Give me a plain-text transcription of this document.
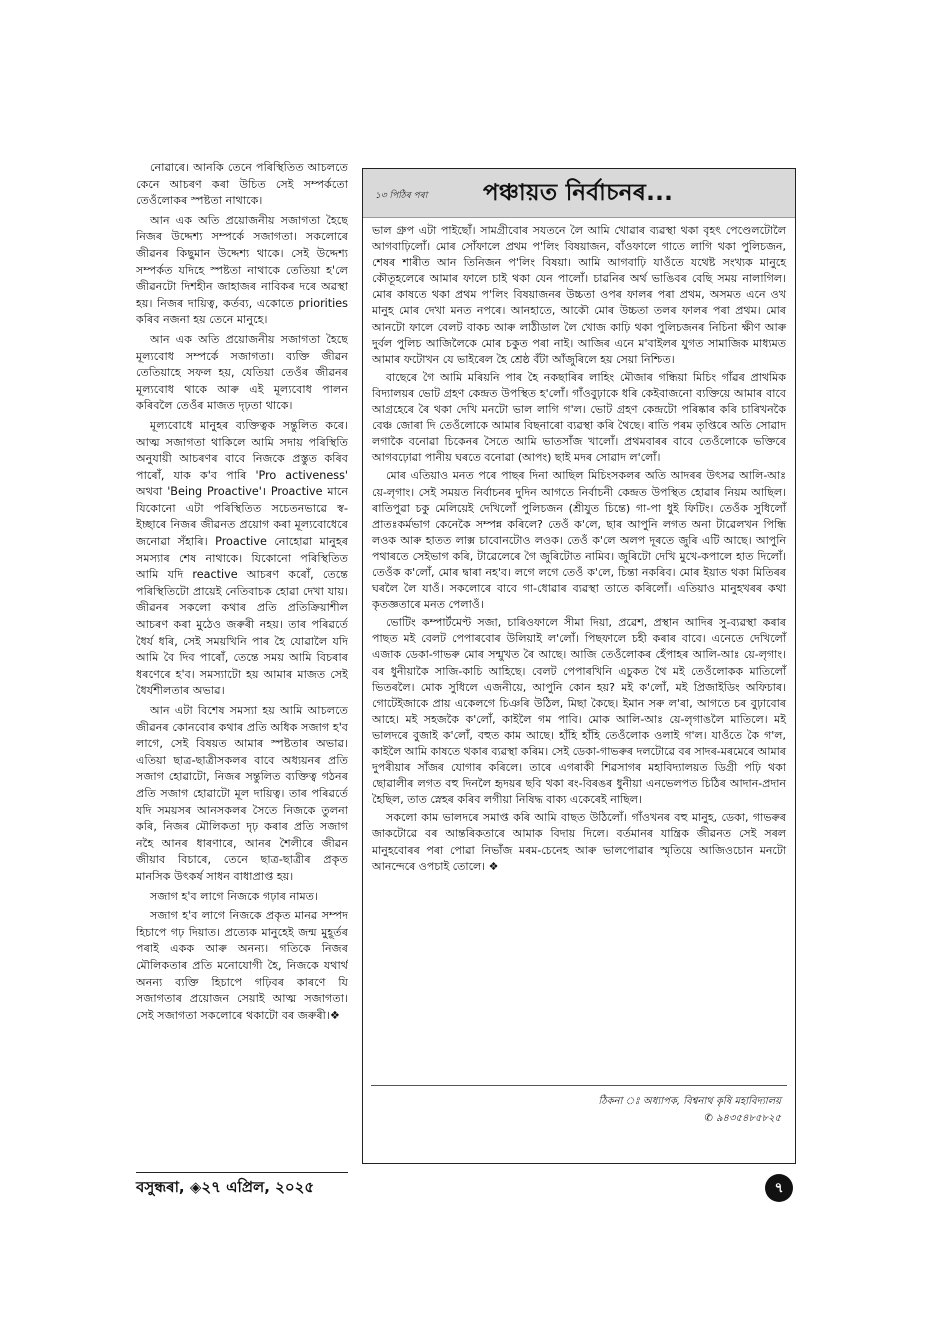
নোৱাৰে। আনকি তেনে পৰিস্থিতিত আচলতে কেনে আচৰণ কৰা উচিত সেই সম্পৰ্কতো তেওঁলোকৰ স্পষ্টতা নাথাকে।

আন এক অতি প্ৰয়োজনীয় সজাগতা হৈছে নিজৰ উদ্দেশ্য সম্পৰ্কে সজাগতা। সকলোৰে জীৱনৰ কিছুমান উদ্দেশ্য থাকে। সেই উদ্দেশ্য সম্পৰ্কত যদিহে স্পষ্টতা নাথাকে তেতিয়া হ'লে জীৱনটো দিশহীন জাহাজৰ নাবিকৰ দৰে অৱস্থা হয়। নিজৰ দায়িত্ব, কৰ্তব্য, একোতে priorities কৰিব নজনা হয় তেনে মানুহে।

আন এক অতি প্ৰয়োজনীয় সজাগতা হৈছে মূল্যবোধ সম্পৰ্কে সজাগতা। ব্যক্তি জীৱন তেতিয়াহে সফল হয়, যেতিয়া তেওঁৰ জীৱনৰ মূল্যবোধ থাকে আৰু এই মূল্যবোধ পালন কৰিবলৈ তেওঁৰ মাজত দৃঢ়তা থাকে।

মূল্যবোধে মানুহৰ ব্যক্তিত্বক সন্তুলিত কৰে। আত্ম সজাগতা থাকিলে আমি সদায় পৰিস্থিতি অনুযায়ী আচৰণৰ বাবে নিজকে প্ৰস্তুত কৰিব পাৰোঁ, যাক ক'ব পাৰি 'Pro activeness' অথবা 'Being Proactive'। Proactive মানে যিকোনো এটা পৰিস্থিতিত সচেতনভাৱে স্ব-ইচ্ছাৰে নিজৰ জীৱনত প্ৰয়োগ কৰা মূল্যবোধেৰে জনোৱা সঁহাৰি। Proactive নোহোৱা মানুহৰ সমস্যাৰ শেষ নাথাকে। যিকোনো পৰিস্থিতিত আমি যদি reactive আচৰণ কৰোঁ, তেন্তে পৰিস্থিতিটো প্ৰায়েই নেতিবাচক হোৱা দেখা যায়। জীৱনৰ সকলো কথাৰ প্ৰতি প্ৰতিক্ৰিয়াশীল আচৰণ কৰা মুঠেও জৰুৰী নহয়। তাৰ পৰিৱৰ্তে ধৈৰ্য ধৰি, সেই সময়খিনি পাৰ হৈ যোৱালৈ যদি আমি বৈ দিব পাৰোঁ, তেন্তে সময় আমি বিচৰাৰ ধৰণেৰে হ'ব। সমস্যাটো হয় আমাৰ মাজত সেই ধৈৰ্যশীলতাৰ অভাৱ।

আন এটা বিশেষ সমস্যা হয় আমি আচলতে জীৱনৰ কোনবোৰ কথাৰ প্ৰতি অধিক সজাগ হ'ব লাগে, সেই বিষয়ত আমাৰ স্পষ্টতাৰ অভাৱ। এতিয়া ছাত্ৰ-ছাত্ৰীসকলৰ বাবে অধ্যয়নৰ প্ৰতি সজাগ হোৱাটো, নিজৰ সন্তুলিত ব্যক্তিত্ব গঠনৰ প্ৰতি সজাগ হোৱাটো মূল দায়িত্ব। তাৰ পৰিৱৰ্তে যদি সময়সৰ আনসকলৰ সৈতে নিজকে তুলনা কৰি, নিজৰ মৌলিকতা দৃঢ় কৰাৰ প্ৰতি সজাগ নহৈ আনৰ ধাৰণাৰে, আনৰ শৈলীৰে জীৱন জীয়াব বিচাৰে, তেনে ছাত্ৰ-ছাত্ৰীৰ প্ৰকৃত মানসিক উৎকৰ্ষ সাধন বাধাপ্ৰাপ্ত হয়।

সজাগ হ'ব লাগে নিজকে গঢ়াৰ নামত।

সজাগ হ'ব লাগে নিজকে প্ৰকৃত মানৱ সম্পদ হিচাপে গঢ় দিয়াত। প্ৰত্যেক মানুহেই জন্ম মুহূৰ্তৰ পৰাই একক আৰু অনন্য। গতিকে নিজৰ মৌলিকতাৰ প্ৰতি মনোযোগী হৈ, নিজকে যথাৰ্থ অনন্য ব্যক্তি হিচাপে গঢ়িবৰ কাৰণে যি সজাগতাৰ প্ৰয়োজন সেয়াই আত্ম সজাগতা। সেই সজাগতা সকলোৰে থকাটো বৰ জৰুৰী।❖

১৩ পিঠিৰ পৰা পঞ্চায়ত নিৰ্বাচনৰ...

ভাল গ্ৰুপ এটা পাইছোঁ। সামগ্ৰীবোৰ সযতনে লৈ আমি খোৱাৰ ব্যৱস্থা থকা বৃহৎ পেণ্ডেলটোলৈ আগবাঢ়িলোঁ। মোৰ সোঁফালে প্ৰথম প'লিং বিষয়াজন, বাঁওফালে গাতে লাগি থকা পুলিচজন, শেষৰ শাৰীত আন তিনিজন প'লিং বিষয়া। আমি আগবাঢ়ি যাওঁতে যথেষ্ট সংখ্যক মানুহে কৌতূহলেৰে আমাৰ ফালে চাই থকা যেন পালোঁ। চাৱনিৰ অৰ্থ ভাঙিবৰ বেছি সময় নালাগিল। মোৰ কাষতে থকা প্ৰথম প'লিং বিষয়াজনৰ উচ্চতা ওপৰ ফালৰ পৰা প্ৰথম, অসমত এনে ওখ মানুহ মোৰ দেখা মনত নপৰে। আনহাতে, আকৌ মোৰ উচ্চতা তলৰ ফালৰ পৰা প্ৰথম। মোৰ আনটো ফালে বেলট বাকচ আৰু লাঠীডাল লৈ খোজ কাঢ়ি থকা পুলিচজনৰ নিচিনা ক্ষীণ আৰু দুৰ্বল পুলিচ আজিলৈকে মোৰ চকুত পৰা নাই। আজিৰ এনে ম'বাইলৰ যুগত সামাজিক মাধ্যমত আমাৰ ফটোখন যে ভাইৰেল হৈ শ্ৰেষ্ঠ বঁটা আঁজুৰিলে হয় সেয়া নিশ্চিত।

বাছেৰে গৈ আমি মৰিয়নি পাৰ হৈ নকছাৰিৰ লাহিং মৌজাৰ গন্ধিয়া মিচিং গাঁৱৰ প্ৰাথমিক বিদ্যালয়ৰ ভোট গ্ৰহণ কেন্দ্ৰত উপস্থিত হ'লোঁ। গাঁওবুঢ়াকে ধৰি কেইবাজনো ব্যক্তিয়ে আমাৰ বাবে আগ্ৰহেৰে ৰৈ থকা দেখি মনটো ভাল লাগি গ'ল। ভোট গ্ৰহণ কেন্দ্ৰটো পৰিষ্কাৰ কৰি চাৰিখনকৈ বেঞ্চ জোৰা দি তেওঁলোকে আমাৰ বিছনাৰো ব্যৱস্থা কৰি থৈছে। ৰাতি পৰম তৃপ্তিৰে অতি সোৱাদ লগাকৈ বনোৱা চিকেনৰ সৈতে আমি ভাতসাঁজ খালোঁ। প্ৰথমবাৰৰ বাবে তেওঁলোকে ভক্তিৰে আগবঢ়োৱা পানীয় ঘৰতে বনোৱা (আপং) ছাই মদৰ সোৱাদ ল'লোঁ।

মোৰ এতিয়াও মনত পৰে পাছৰ দিনা আছিল মিচিংসকলৰ অতি আদৰৰ উৎসৱ আলি-আঃ য়ে-লৃগাং। সেই সময়ত নিৰ্বাচনৰ দুদিন আগতে নিৰ্বাচনী কেন্দ্ৰত উপস্থিত হোৱাৰ নিয়ম আছিল। ৰাতিপুৱা চকু মেলিয়েই দেখিলোঁ পুলিচজন (শ্ৰীযুত চিন্তে) গা-পা ধুই ফিটিং। তেওঁক সুধিলোঁ প্ৰাতঃকৰ্মভাগ কেনেকৈ সম্পন্ন কৰিলে? তেওঁ ক'লে, ছাৰ আপুনি লগত অনা টাৱেলখন পিন্ধি লওক আৰু হাতত লাক্স চাবোনটোও লওক। তেওঁ ক'লে অলপ দূৰতে জুৰি এটি আছে। আপুনি পথাৰতে সেইভাগ কৰি, টাৱেলেৰে গৈ জুৰিটোত নামিব। জুৰিটো দেখি মুখে-কপালে হাত দিলোঁ। তেওঁক ক'লোঁ, মোৰ দ্বাৰা নহ'ব। লগে লগে তেওঁ ক'লে, চিন্তা নকৰিব। মোৰ ইয়াত থকা মিতিৰৰ ঘৰলৈ লৈ যাওঁ। সকলোৰে বাবে গা-ধোৱাৰ ব্যৱস্থা তাতে কৰিলোঁ। এতিয়াও মানুহখৰৰ কথা কৃতজ্ঞতাৰে মনত পেলাওঁ।

ভোটিং কম্পাৰ্টমেণ্ট সজা, চাৰিওফালে সীমা দিয়া, প্ৰৱেশ, প্ৰস্থান আদিৰ সু-ব্যৱস্থা কৰাৰ পাছত মই বেলট পেপাৰবোৰ উলিয়াই ল'লোঁ। পিছফালে চহী কৰাৰ বাবে। এনেতে দেখিলোঁ এজাক ডেকা-গাভৰু মোৰ সন্মুখত ৰৈ আছে। আজি তেওঁলোকৰ হেঁপাহৰ আলি-আঃ য়ে-লৃগাং। বৰ ধুনীয়াকৈ সাজি-কাচি আহিছে। বেলট পেপাৰখিনি এচুকত থৈ মই তেওঁলোকক মাতিলোঁ ভিতৰলৈ। মোক সুধিলে এজনীয়ে, আপুনি কোন হয়? মই ক'লোঁ, মই প্ৰিজাইডিং অফিচাৰ। গোটেইজাকে প্ৰায় একেলগে চিঞৰি উঠিল, মিছা কৈছে। ইমান সৰু ল'ৰা, আগতে চৰ বুঢ়াবোৰ আহে। মই সহজকৈ ক'লোঁ, কাইলৈ গম পাবি। মোক আলি-আঃ য়ে-লৃগাঙলৈ মাতিলে। মই ভালদৰে বুজাই ক'লোঁ, বহুত কাম আছে। হাঁহি হাঁহি তেওঁলোক ওলাই গ'ল। যাওঁতে কৈ গ'ল, কাইলৈ আমি কাষতে থকাৰ ব্যৱস্থা কৰিম। সেই ডেকা-গাভৰুৰ দলটোৱে বৰ সাদৰ-মৰমেৰে আমাৰ দুপৰীয়াৰ সাঁজৰ যোগাৰ কৰিলে। তাৰে এগৰাকী শিৱসাগৰ মহাবিদ্যালয়ত ডিগ্ৰী পঢ়ি থকা ছোৱালীৰ লগত বহু দিনলৈ হৃদয়ৰ ছবি থকা ৰং-বিৰঙৰ ধুনীয়া এনভেলপত চিঠিৰ আদান-প্ৰদান হৈছিল, তাত স্নেহৰ কৰিব লগীয়া নিষিদ্ধ বাক্য একেৰেই নাছিল।

সকলো কাম ভালদৰে সমাপ্ত কৰি আমি বাছত উঠিলোঁ। গাঁওখনৰ বহু মানুহ, ডেকা, গাভৰুৰ জাকটোৱে বৰ আন্তৰিকতাৰে আমাক বিদায় দিলে। বৰ্তমানৰ যান্ত্ৰিক জীৱনত সেই সৰল মানুহবোৰৰ পৰা পোৱা নিভাঁজ মৰম-চেনেহ আৰু ভালপোৱাৰ স্মৃতিয়ে আজিওচোন মনটো আনন্দেৰে ওপচাই তোলে। ❖

ঠিকনা ঃ অধ্যাপক, বিশ্বনাথ কৃষি মহাবিদ্যালয়
✆ ৯৪৩৫৪৮৫৮২৫
বসুন্ধৰা, ◈২৭ এপ্ৰিল, ২০২৫	৭
